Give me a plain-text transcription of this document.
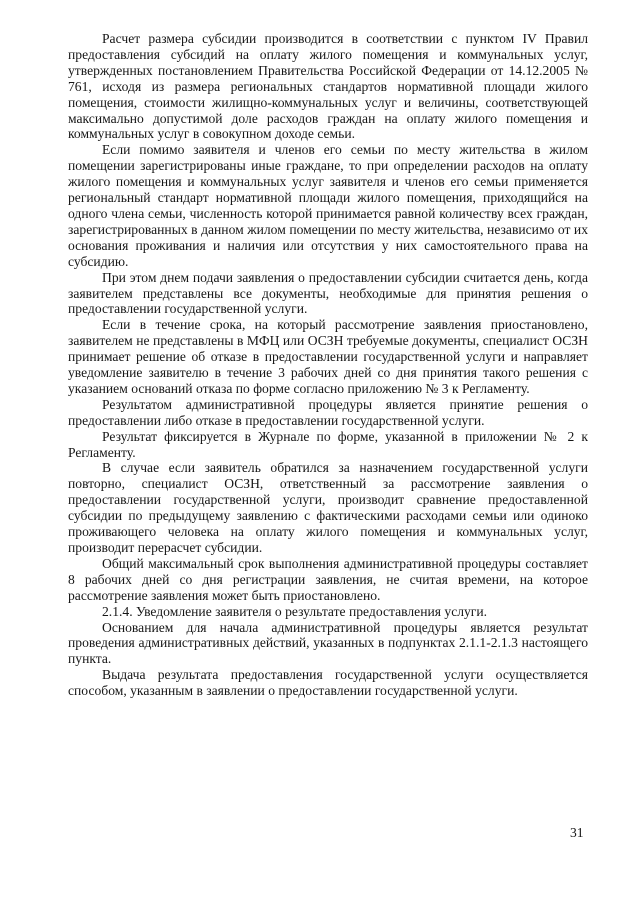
Расчет размера субсидии производится в соответствии с пунктом IV Правил предоставления субсидий на оплату жилого помещения и коммунальных услуг, утвержденных постановлением Правительства Российской Федерации от 14.12.2005 № 761, исходя из размера региональных стандартов нормативной площади жилого помещения, стоимости жилищно-коммунальных услуг и величины, соответствующей максимально допустимой доле расходов граждан на оплату жилого помещения и коммунальных услуг в совокупном доходе семьи.

Если помимо заявителя и членов его семьи по месту жительства в жилом помещении зарегистрированы иные граждане, то при определении расходов на оплату жилого помещения и коммунальных услуг заявителя и членов его семьи применяется региональный стандарт нормативной площади жилого помещения, приходящийся на одного члена семьи, численность которой принимается равной количеству всех граждан, зарегистрированных в данном жилом помещении по месту жительства, независимо от их основания проживания и наличия или отсутствия у них самостоятельного права на субсидию.

При этом днем подачи заявления о предоставлении субсидии считается день, когда заявителем представлены все документы, необходимые для принятия решения о предоставлении государственной услуги.

Если в течение срока, на который рассмотрение заявления приостановлено, заявителем не представлены в МФЦ или ОСЗН требуемые документы, специалист ОСЗН принимает решение об отказе в предоставлении государственной услуги и направляет уведомление заявителю в течение 3 рабочих дней со дня принятия такого решения с указанием оснований отказа по форме согласно приложению № 3 к Регламенту.

Результатом административной процедуры является принятие решения о предоставлении либо отказе в предоставлении государственной услуги.

Результат фиксируется в Журнале по форме, указанной в приложении № 2 к Регламенту.

В случае если заявитель обратился за назначением государственной услуги повторно, специалист ОСЗН, ответственный за рассмотрение заявления о предоставлении государственной услуги, производит сравнение предоставленной субсидии по предыдущему заявлению с фактическими расходами семьи или одиноко проживающего человека на оплату жилого помещения и коммунальных услуг, производит перерасчет субсидии.

Общий максимальный срок выполнения административной процедуры составляет 8 рабочих дней со дня регистрации заявления, не считая времени, на которое рассмотрение заявления может быть приостановлено.

2.1.4. Уведомление заявителя о результате предоставления услуги.

Основанием для начала административной процедуры является результат проведения административных действий, указанных в подпунктах 2.1.1-2.1.3 настоящего пункта.

Выдача результата предоставления государственной услуги осуществляется способом, указанным в заявлении о предоставлении государственной услуги.

31
